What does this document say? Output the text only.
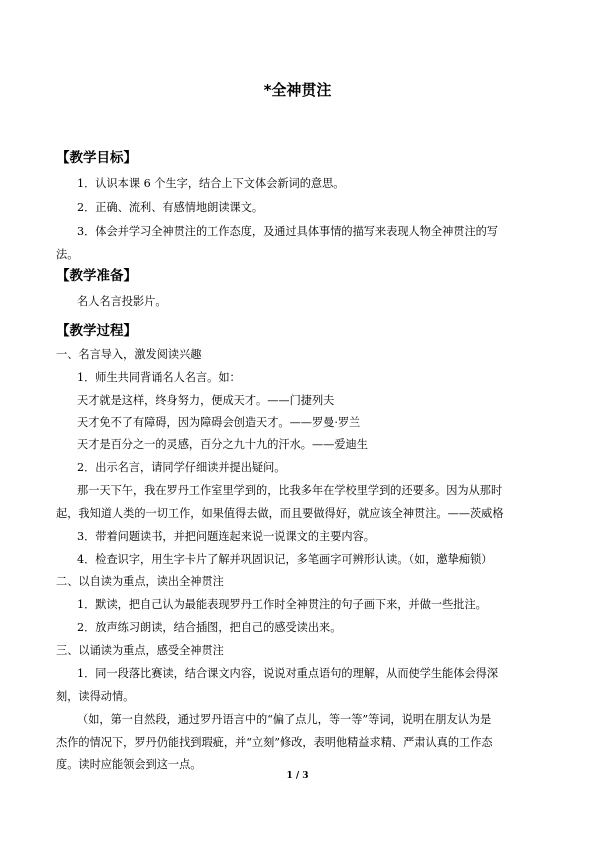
*全神贯注
【教学目标】
1．认识本课 6 个生字，结合上下文体会新词的意思。
2．正确、流利、有感情地朗读课文。
3．体会并学习全神贯注的工作态度，及通过具体事情的描写来表现人物全神贯注的写
法。
【教学准备】
名人名言投影片。
【教学过程】
一、名言导入，激发阅读兴趣
1．师生共同背诵名人名言。如：
天才就是这样，终身努力，便成天才。——门捷列夫
天才免不了有障碍，因为障碍会创造天才。——罗曼·罗兰
天才是百分之一的灵感，百分之九十九的汗水。——爱迪生
2．出示名言，请同学仔细读并提出疑问。
那一天下午，我在罗丹工作室里学到的，比我多年在学校里学到的还要多。因为从那时
起，我知道人类的一切工作，如果值得去做，而且要做得好，就应该全神贯注。——茨威格
3．带着问题读书，并把问题连起来说一说课文的主要内容。
4．检查识字，用生字卡片了解并巩固识记，多笔画字可辨形认读。（如，邀挚痴锁）
二、以自读为重点，读出全神贯注
1．默读，把自己认为最能表现罗丹工作时全神贯注的句子画下来，并做一些批注。
2．放声练习朗读，结合插图，把自己的感受读出来。
三、以诵读为重点，感受全神贯注
1．同一段落比赛读，结合课文内容，说说对重点语句的理解，从而使学生能体会得深
刻，读得动情。
（如，第一自然段，通过罗丹语言中的“偏了点儿，等一等”等词，说明在朋友认为是
杰作的情况下，罗丹仍能找到瑕疵，并“立刻”修改，表明他精益求精、严肃认真的工作态
度。读时应能领会到这一点。
1 / 3
